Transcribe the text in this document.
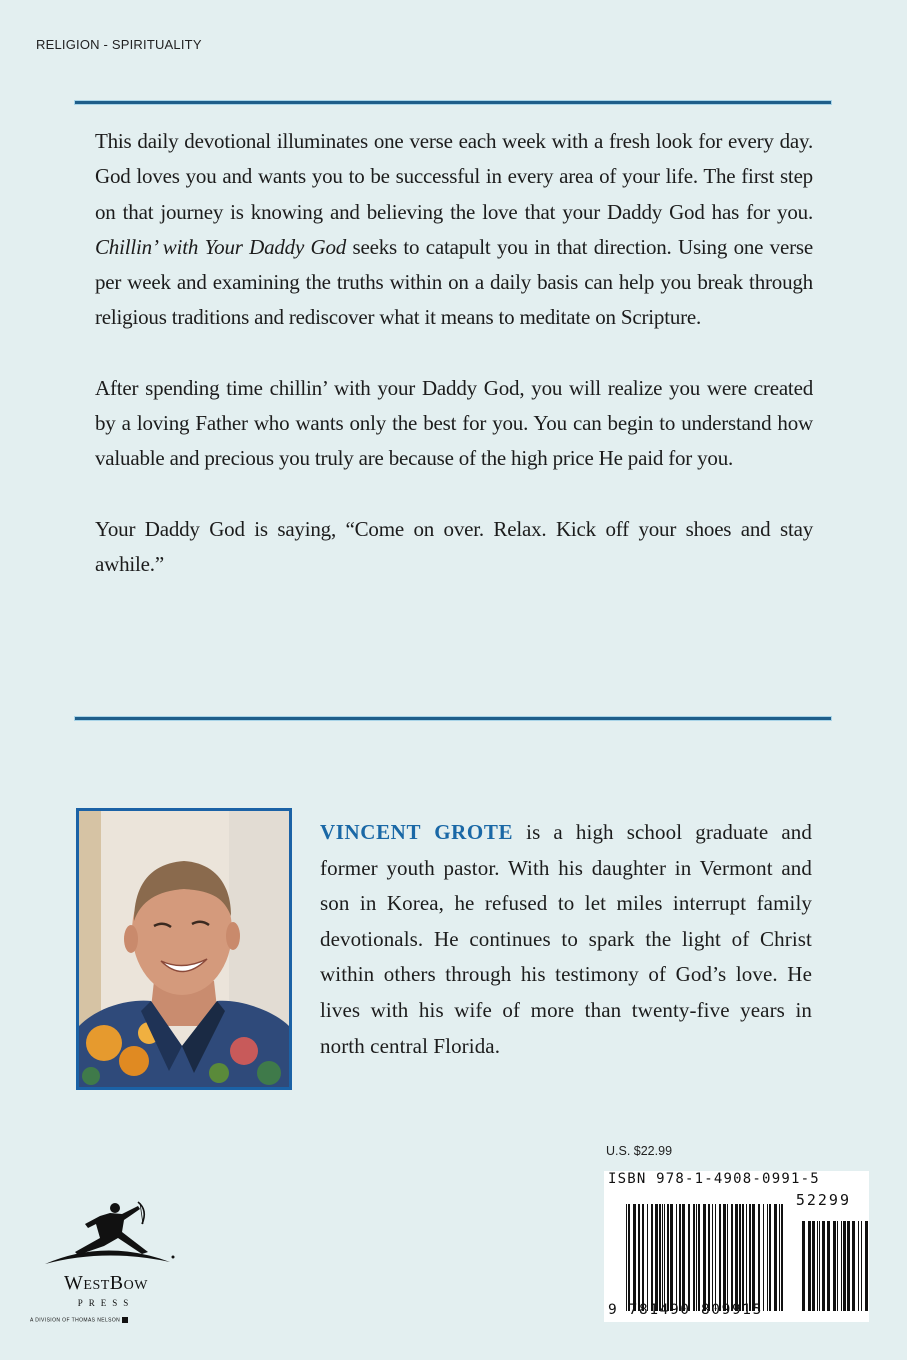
RELIGION - SPIRITUALITY

This daily devotional illuminates one verse each week with a fresh look for every day. God loves you and wants you to be successful in every area of your life. The first step on that journey is knowing and believing the love that your Daddy God has for you. Chillin’ with Your Daddy God seeks to catapult you in that direction. Using one verse per week and examining the truths within on a daily basis can help you break through religious traditions and rediscover what it means to meditate on Scripture.

After spending time chillin’ with your Daddy God, you will realize you were created by a loving Father who wants only the best for you. You can begin to understand how valuable and precious you truly are because of the high price He paid for you.

Your Daddy God is saying, “Come on over. Relax. Kick off your shoes and stay awhile.”

VINCENT GROTE is a high school graduate and former youth pastor. With his daughter in Vermont and son in Korea, he refused to let miles interrupt family devotionals. He continues to spark the light of Christ within others through his testimony of God’s love. He lives with his wife of more than twenty-five years in north central Florida.
U.S. $22.99
ISBN 978-1-4908-0991-5
52299
9 781490 809915
WestBow
PRESS
A DIVISION OF THOMAS NELSON
